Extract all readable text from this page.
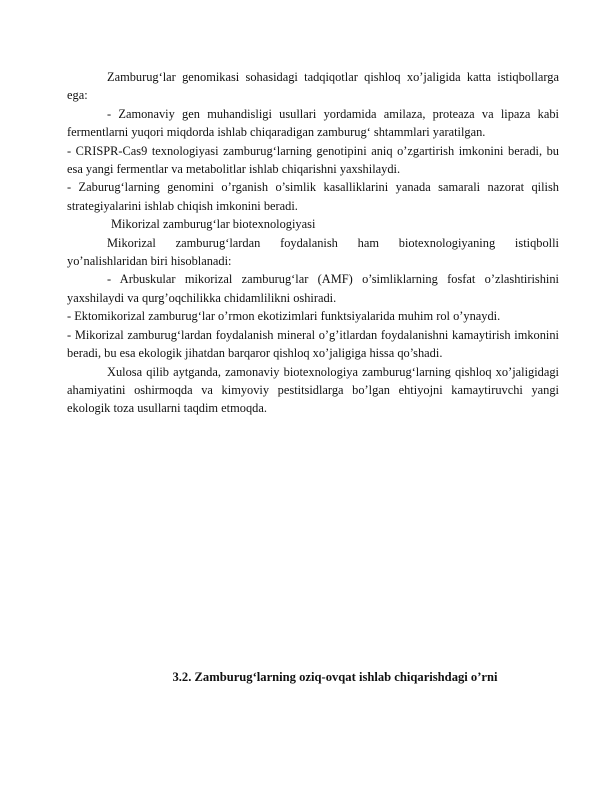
Zamburug‘lar genomikasi sohasidagi tadqiqotlar qishloq xo’jaligida katta istiqbollarga ega:

- Zamonaviy gen muhandisligi usullari yordamida amilaza, proteaza va lipaza kabi fermentlarni yuqori miqdorda ishlab chiqaradigan zamburug‘ shtammlari yaratilgan.

- CRISPR-Cas9 texnologiyasi zamburug‘larning genotipini aniq o’zgartirish imkonini beradi, bu esa yangi fermentlar va metabolitlar ishlab chiqarishni yaxshilaydi.

- Zaburug‘larning genomini o’rganish o’simlik kasalliklarini yanada samarali nazorat qilish strategiyalarini ishlab chiqish imkonini beradi.

Mikorizal zamburug‘lar biotexnologiyasi

Mikorizal zamburug‘lardan foydalanish ham biotexnologiyaning istiqbolli yo’nalishlaridan biri hisoblanadi:

- Arbuskular mikorizal zamburug‘lar (AMF) o’simliklarning fosfat o’zlashtirishini yaxshilaydi va qurg’oqchilikka chidamlilikni oshiradi.

- Ektomikorizal zamburug‘lar o’rmon ekotizimlari funktsiyalarida muhim rol o’ynaydi.

- Mikorizal zamburug‘lardan foydalanish mineral o’g’itlardan foydalanishni kamaytirish imkonini beradi, bu esa ekologik jihatdan barqaror qishloq xo’jaligiga hissa qo’shadi.

Xulosa qilib aytganda, zamonaviy biotexnologiya zamburug‘larning qishloq xo’jaligidagi ahamiyatini oshirmoqda va kimyoviy pestitsidlarga bo’lgan ehtiyojni kamaytiruvchi yangi ekologik toza usullarni taqdim etmoqda.

3.2. Zamburug‘larning oziq-ovqat ishlab chiqarishdagi o’rni
